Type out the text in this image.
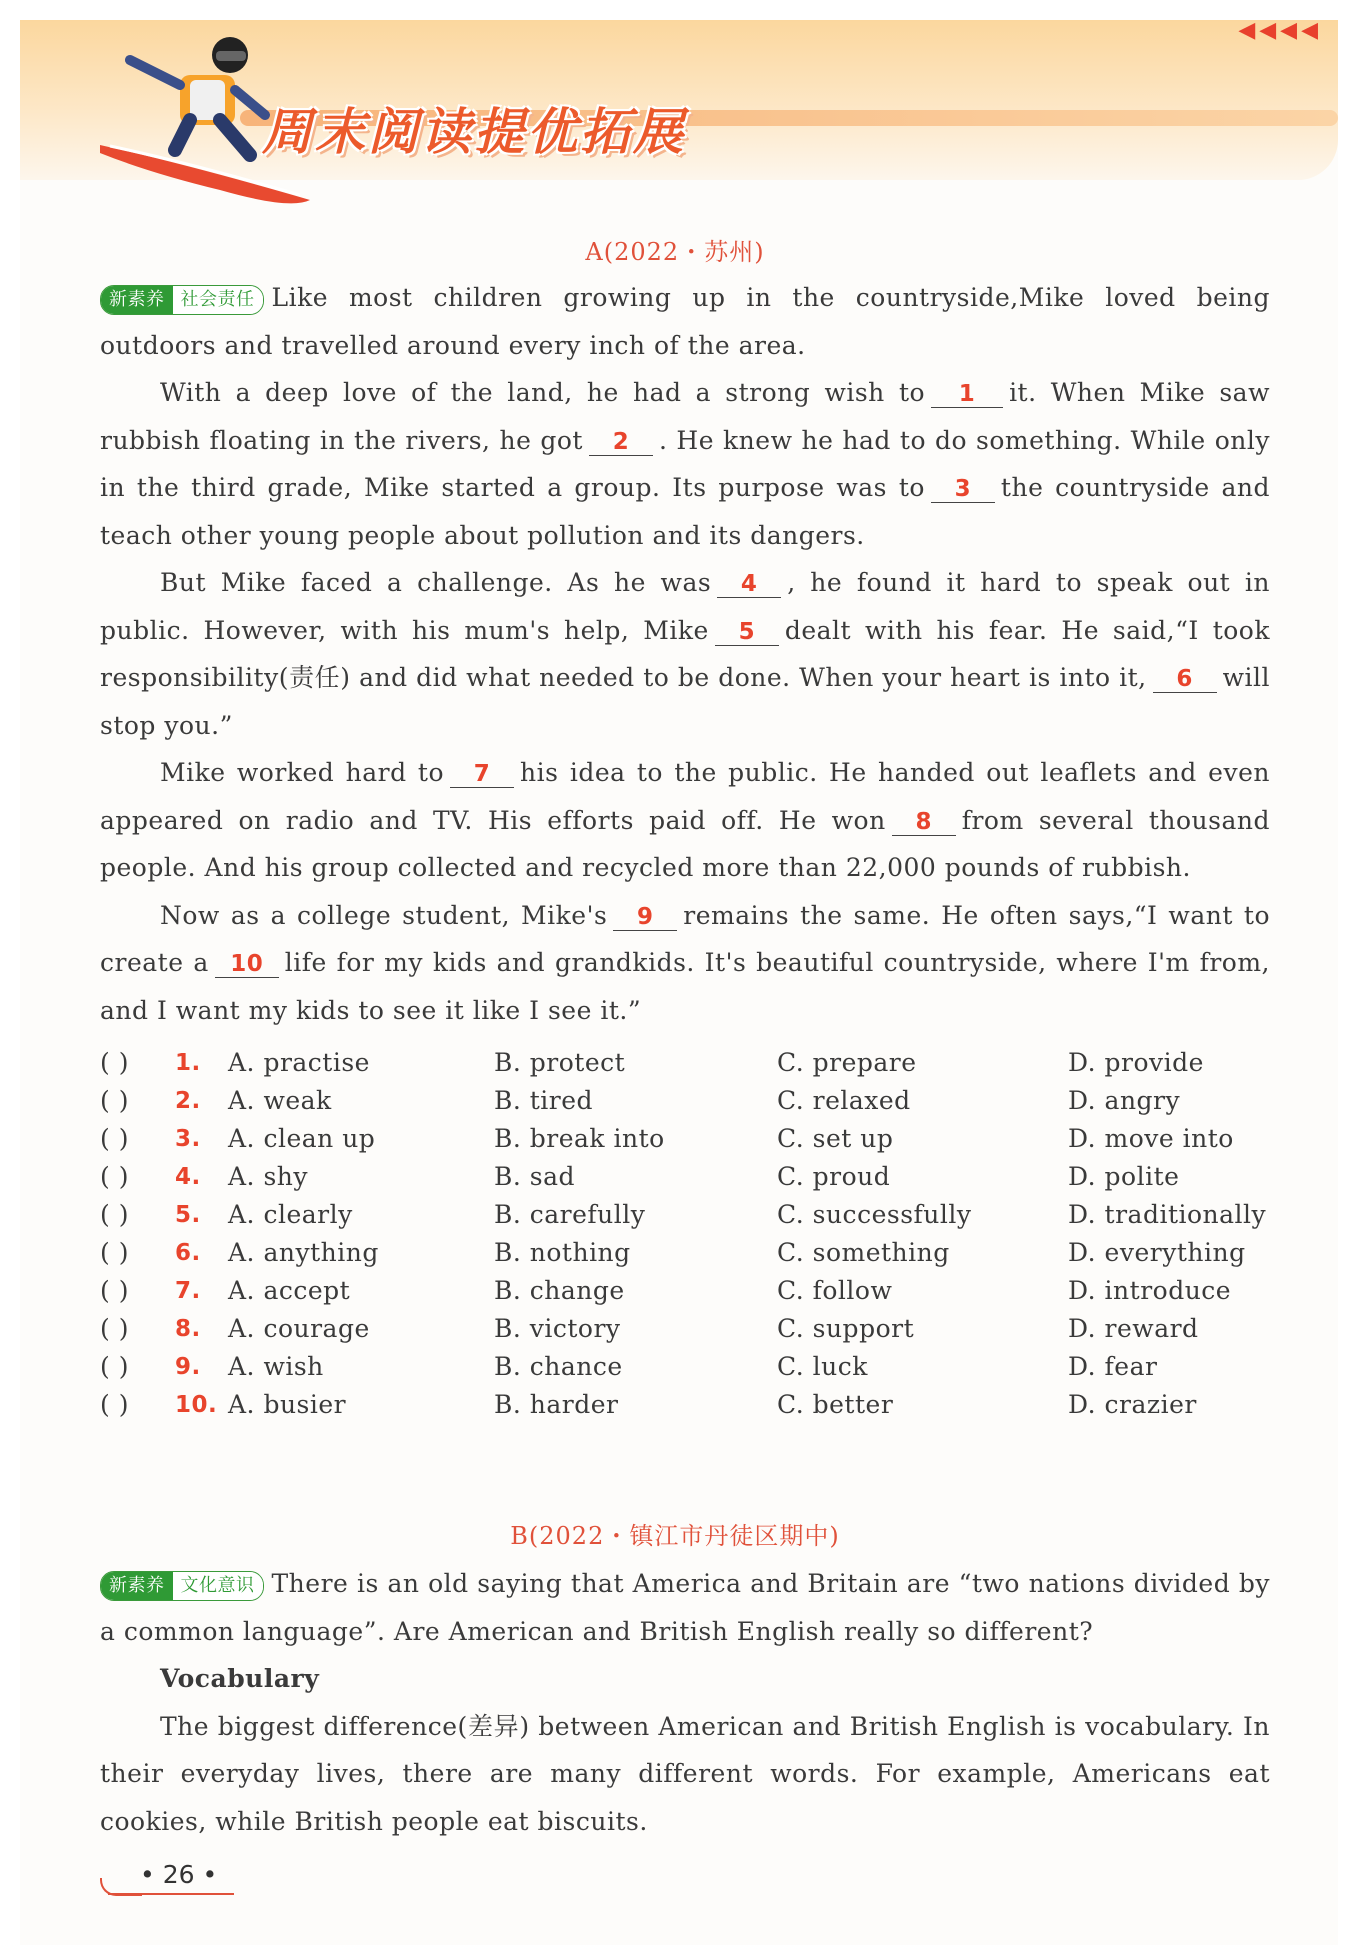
◀◀◀◀
周末阅读提优拓展
A(2022・苏州)

新素养 社会责任 Like most children growing up in the countryside,Mike loved being outdoors and travelled around every inch of the area.

With a deep love of the land, he had a strong wish to 1 it. When Mike saw rubbish floating in the rivers, he got 2 . He knew he had to do something. While only in the third grade, Mike started a group. Its purpose was to 3 the countryside and teach other young people about pollution and its dangers.

But Mike faced a challenge. As he was 4 , he found it hard to speak out in public. However, with his mum's help, Mike 5 dealt with his fear. He said,“I took responsibility(责任) and did what needed to be done. When your heart is into it, 6 will stop you.”

Mike worked hard to 7 his idea to the public. He handed out leaflets and even appeared on radio and TV. His efforts paid off. He won 8 from several thousand people. And his group collected and recycled more than 22,000 pounds of rubbish.

Now as a college student, Mike's 9 remains the same. He often says,“I want to create a 10 life for my kids and grandkids. It's beautiful countryside, where I'm from, and I want my kids to see it like I see it.”

( ) 1. A. practise	B. protect	C. prepare	D. provide
( ) 2. A. weak	B. tired	C. relaxed	D. angry
( ) 3. A. clean up	B. break into	C. set up	D. move into
( ) 4. A. shy	B. sad	C. proud	D. polite
( ) 5. A. clearly	B. carefully	C. successfully	D. traditionally
( ) 6. A. anything	B. nothing	C. something	D. everything
( ) 7. A. accept	B. change	C. follow	D. introduce
( ) 8. A. courage	B. victory	C. support	D. reward
( ) 9. A. wish	B. chance	C. luck	D. fear
( ) 10. A. busier	B. harder	C. better	D. crazier
B(2022・镇江市丹徒区期中)

新素养 文化意识 There is an old saying that America and Britain are “two nations divided by a common language”. Are American and British English really so different?

Vocabulary

The biggest difference(差异) between American and British English is vocabulary. In their everyday lives, there are many different words. For example, Americans eat cookies, while British people eat biscuits.

• 26 •
